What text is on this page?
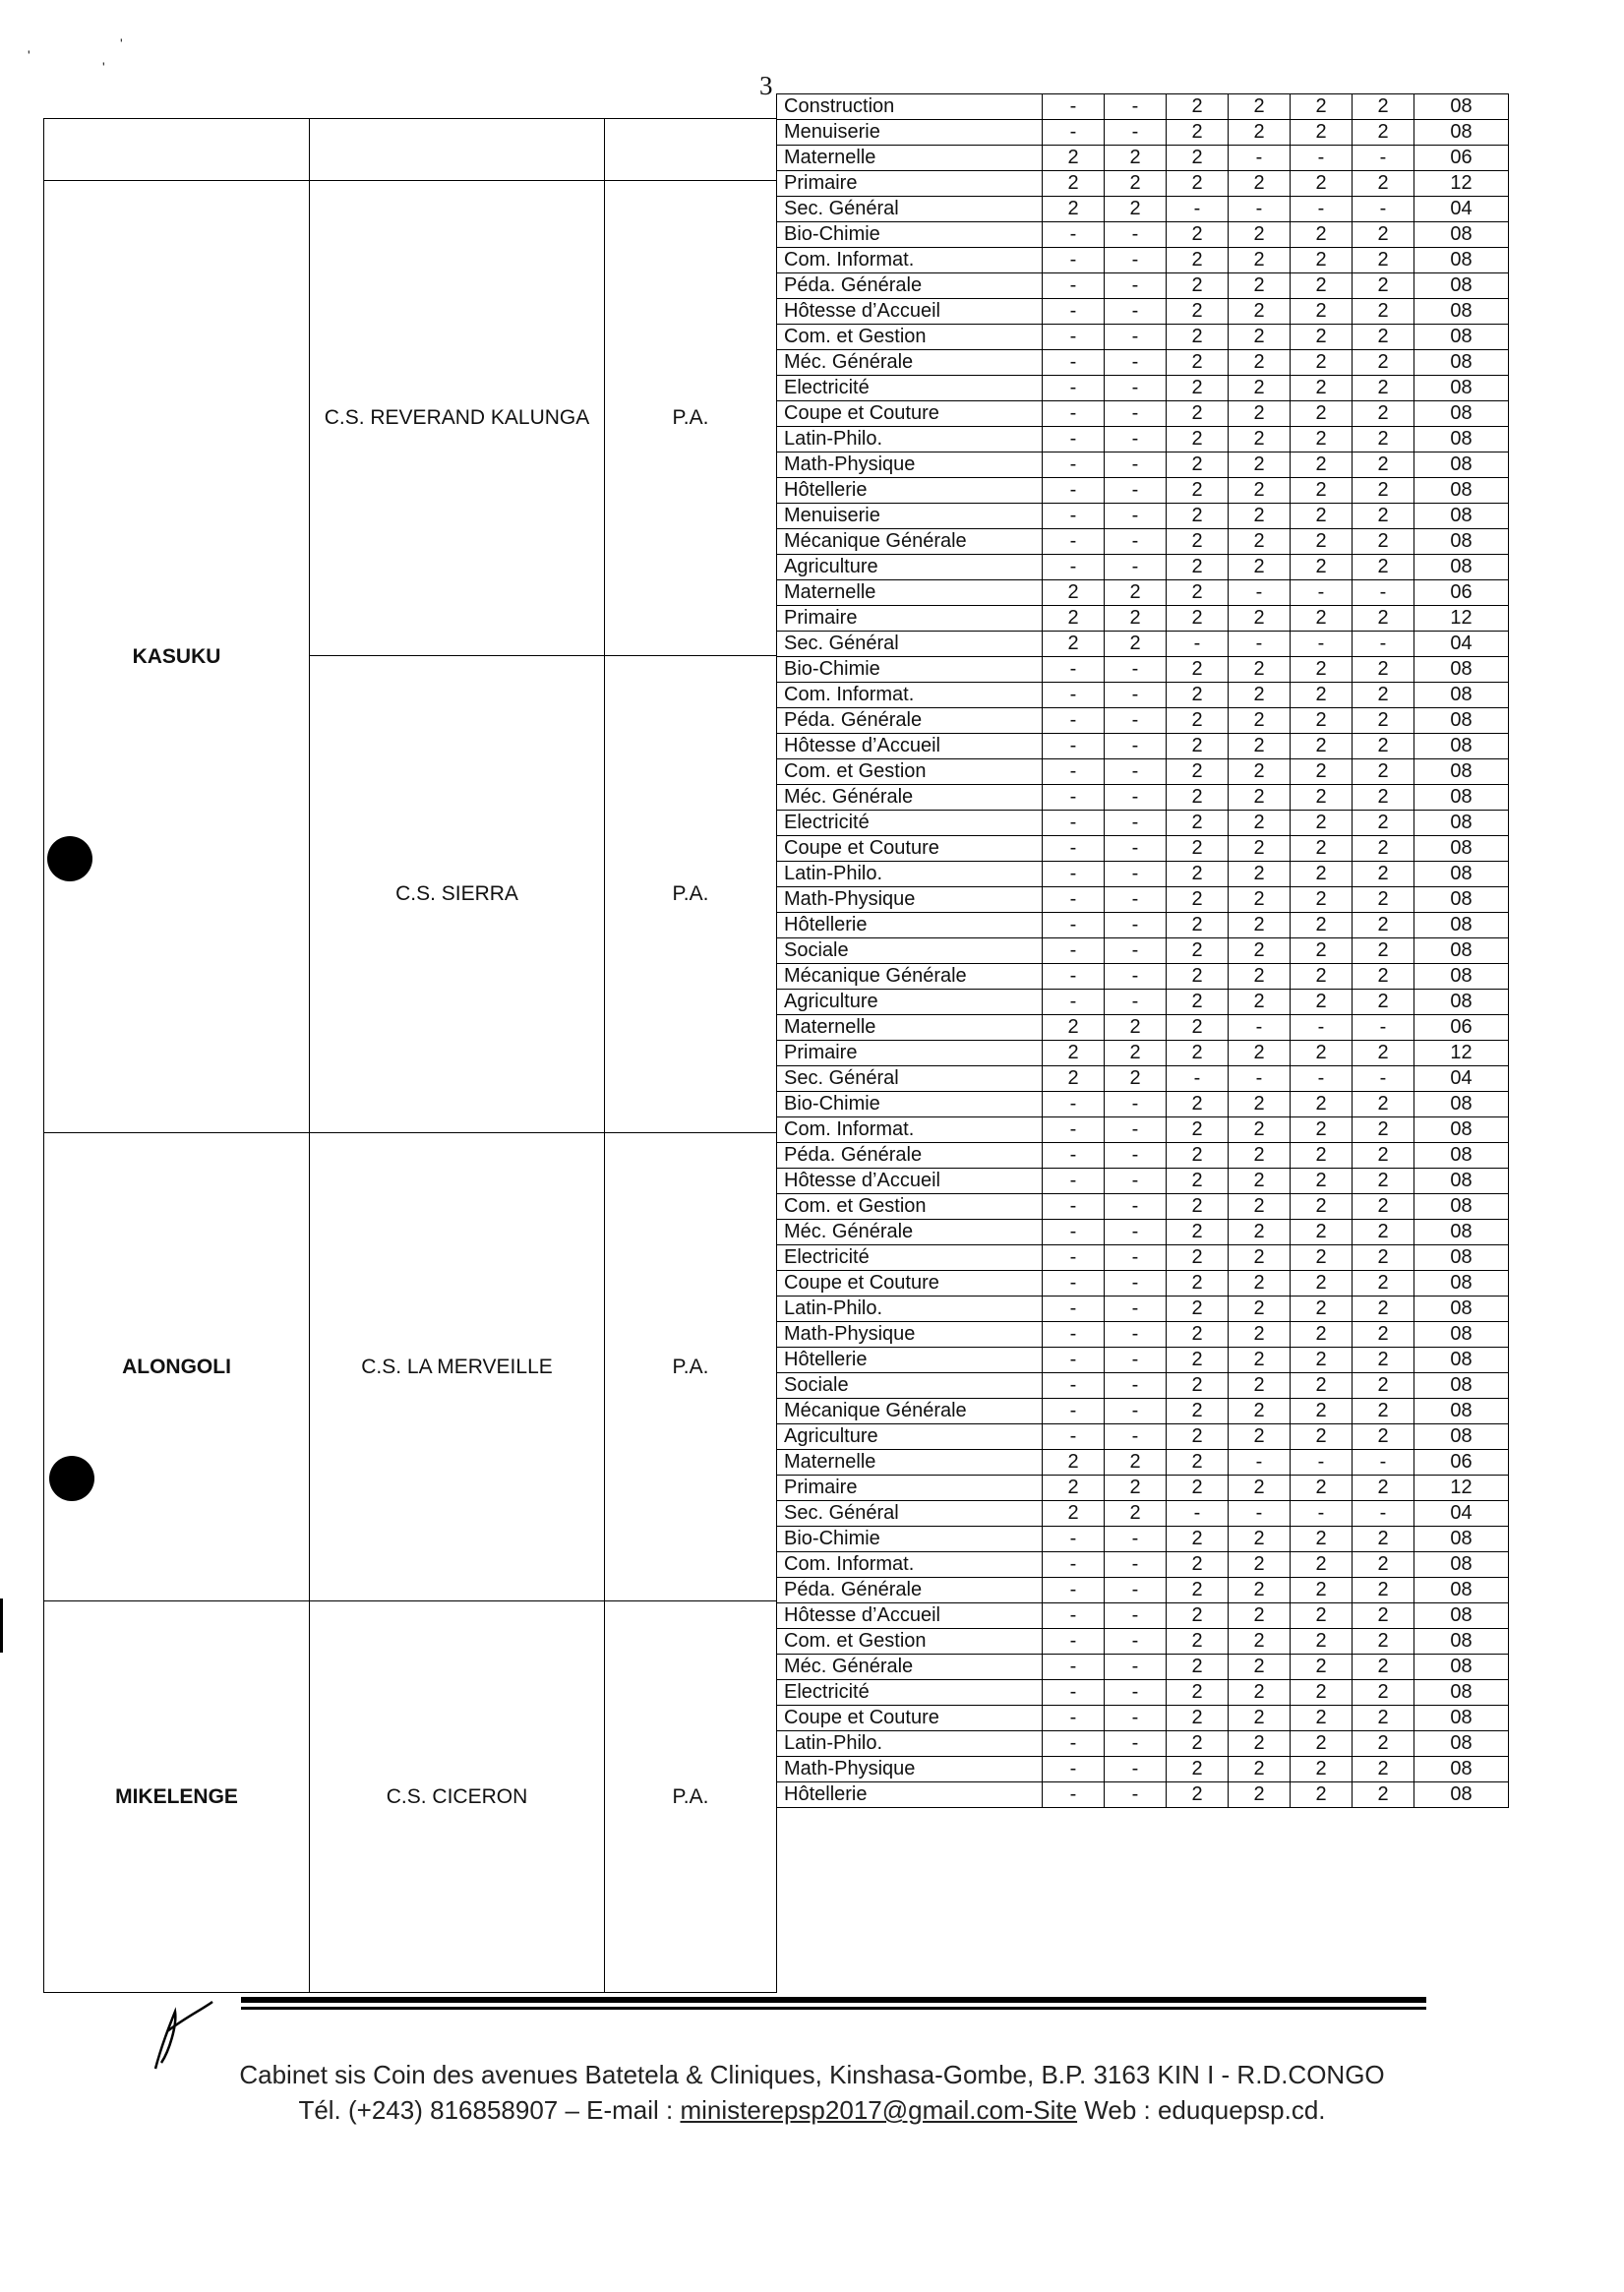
3
'
'
'

KASUKU	C.S. REVERAND KALUNGA	P.A.
	C.S. SIERRA	P.A.
ALONGOLI	C.S. LA MERVEILLE	P.A.
MIKELENGE	C.S. CICERON	P.A.
Construction	-	-	2	2	2	2	08
Menuiserie	-	-	2	2	2	2	08
Maternelle	2	2	2	-	-	-	06
Primaire	2	2	2	2	2	2	12
Sec. Général	2	2	-	-	-	-	04
Bio-Chimie	-	-	2	2	2	2	08
Com. Informat.	-	-	2	2	2	2	08
Péda. Générale	-	-	2	2	2	2	08
Hôtesse d’Accueil	-	-	2	2	2	2	08
Com. et Gestion	-	-	2	2	2	2	08
Méc. Générale	-	-	2	2	2	2	08
Electricité	-	-	2	2	2	2	08
Coupe et Couture	-	-	2	2	2	2	08
Latin-Philo.	-	-	2	2	2	2	08
Math-Physique	-	-	2	2	2	2	08
Hôtellerie	-	-	2	2	2	2	08
Menuiserie	-	-	2	2	2	2	08
Mécanique Générale	-	-	2	2	2	2	08
Agriculture	-	-	2	2	2	2	08
Maternelle	2	2	2	-	-	-	06
Primaire	2	2	2	2	2	2	12
Sec. Général	2	2	-	-	-	-	04
Bio-Chimie	-	-	2	2	2	2	08
Com. Informat.	-	-	2	2	2	2	08
Péda. Générale	-	-	2	2	2	2	08
Hôtesse d’Accueil	-	-	2	2	2	2	08
Com. et Gestion	-	-	2	2	2	2	08
Méc. Générale	-	-	2	2	2	2	08
Electricité	-	-	2	2	2	2	08
Coupe et Couture	-	-	2	2	2	2	08
Latin-Philo.	-	-	2	2	2	2	08
Math-Physique	-	-	2	2	2	2	08
Hôtellerie	-	-	2	2	2	2	08
Sociale	-	-	2	2	2	2	08
Mécanique Générale	-	-	2	2	2	2	08
Agriculture	-	-	2	2	2	2	08
Maternelle	2	2	2	-	-	-	06
Primaire	2	2	2	2	2	2	12
Sec. Général	2	2	-	-	-	-	04
Bio-Chimie	-	-	2	2	2	2	08
Com. Informat.	-	-	2	2	2	2	08
Péda. Générale	-	-	2	2	2	2	08
Hôtesse d’Accueil	-	-	2	2	2	2	08
Com. et Gestion	-	-	2	2	2	2	08
Méc. Générale	-	-	2	2	2	2	08
Electricité	-	-	2	2	2	2	08
Coupe et Couture	-	-	2	2	2	2	08
Latin-Philo.	-	-	2	2	2	2	08
Math-Physique	-	-	2	2	2	2	08
Hôtellerie	-	-	2	2	2	2	08
Sociale	-	-	2	2	2	2	08
Mécanique Générale	-	-	2	2	2	2	08
Agriculture	-	-	2	2	2	2	08
Maternelle	2	2	2	-	-	-	06
Primaire	2	2	2	2	2	2	12
Sec. Général	2	2	-	-	-	-	04
Bio-Chimie	-	-	2	2	2	2	08
Com. Informat.	-	-	2	2	2	2	08
Péda. Générale	-	-	2	2	2	2	08
Hôtesse d’Accueil	-	-	2	2	2	2	08
Com. et Gestion	-	-	2	2	2	2	08
Méc. Générale	-	-	2	2	2	2	08
Electricité	-	-	2	2	2	2	08
Coupe et Couture	-	-	2	2	2	2	08
Latin-Philo.	-	-	2	2	2	2	08
Math-Physique	-	-	2	2	2	2	08
Hôtellerie	-	-	2	2	2	2	08
Cabinet sis Coin des avenues Batetela & Cliniques, Kinshasa-Gombe, B.P. 3163 KIN I - R.D.CONGO
Tél. (+243) 816858907 – E-mail : ministerepsp2017@gmail.com-Site Web : eduquepsp.cd.
